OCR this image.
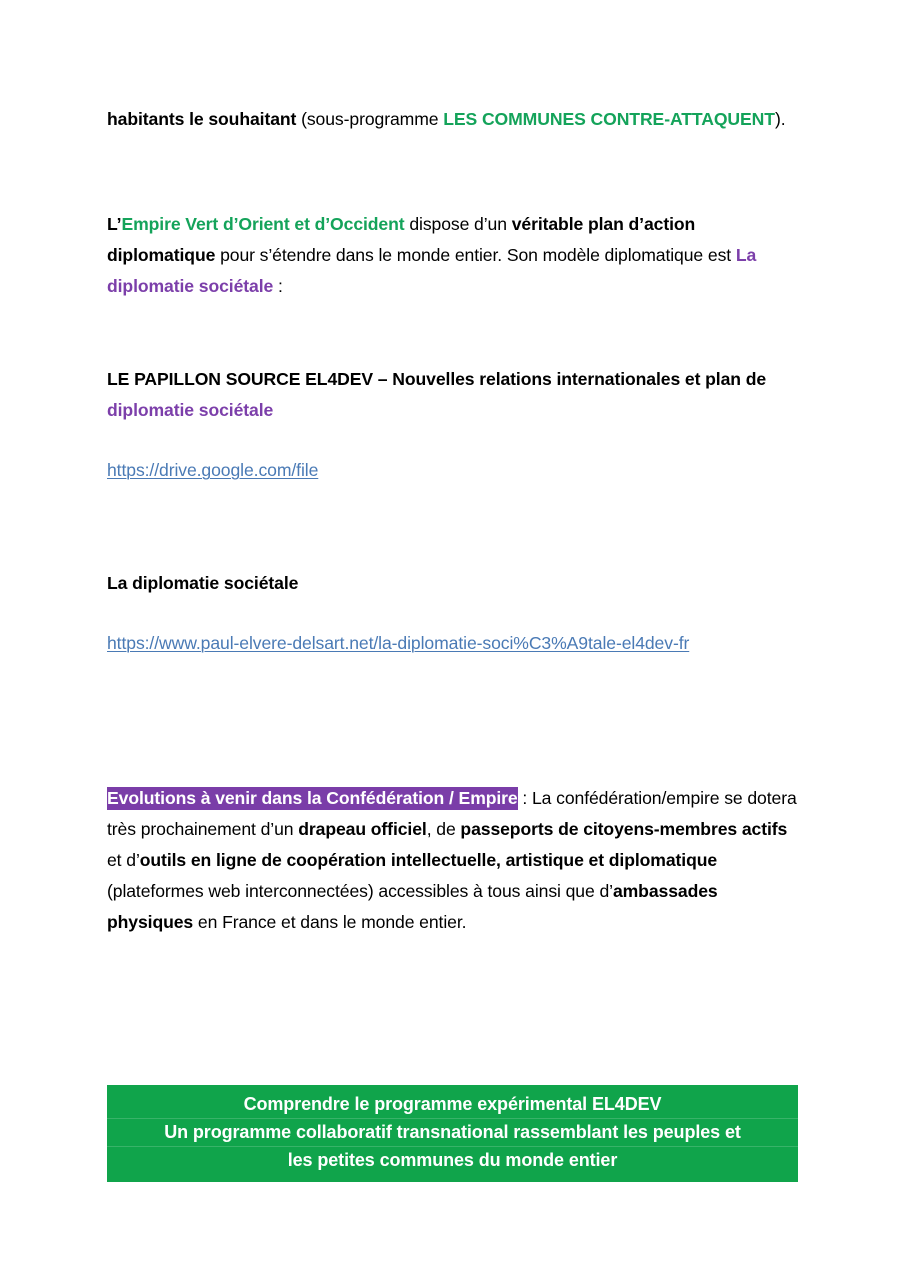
habitants le souhaitant (sous-programme LES COMMUNES CONTRE-ATTAQUENT).

L’Empire Vert d’Orient et d’Occident dispose d’un véritable plan d’action diplomatique pour s’étendre dans le monde entier. Son modèle diplomatique est La diplomatie sociétale :

LE PAPILLON SOURCE EL4DEV – Nouvelles relations internationales et plan de diplomatie sociétale

https://drive.google.com/file

La diplomatie sociétale

https://www.paul-elvere-delsart.net/la-diplomatie-soci%C3%A9tale-el4dev-fr

Evolutions à venir dans la Confédération / Empire : La confédération/empire se dotera très prochainement d’un drapeau officiel, de passeports de citoyens-membres actifs et d’outils en ligne de coopération intellectuelle, artistique et diplomatique (plateformes web interconnectées) accessibles à tous ainsi que d’ambassades physiques en France et dans le monde entier.

Comprendre le programme expérimental EL4DEV
Un programme collaboratif transnational rassemblant les peuples et
les petites communes du monde entier
